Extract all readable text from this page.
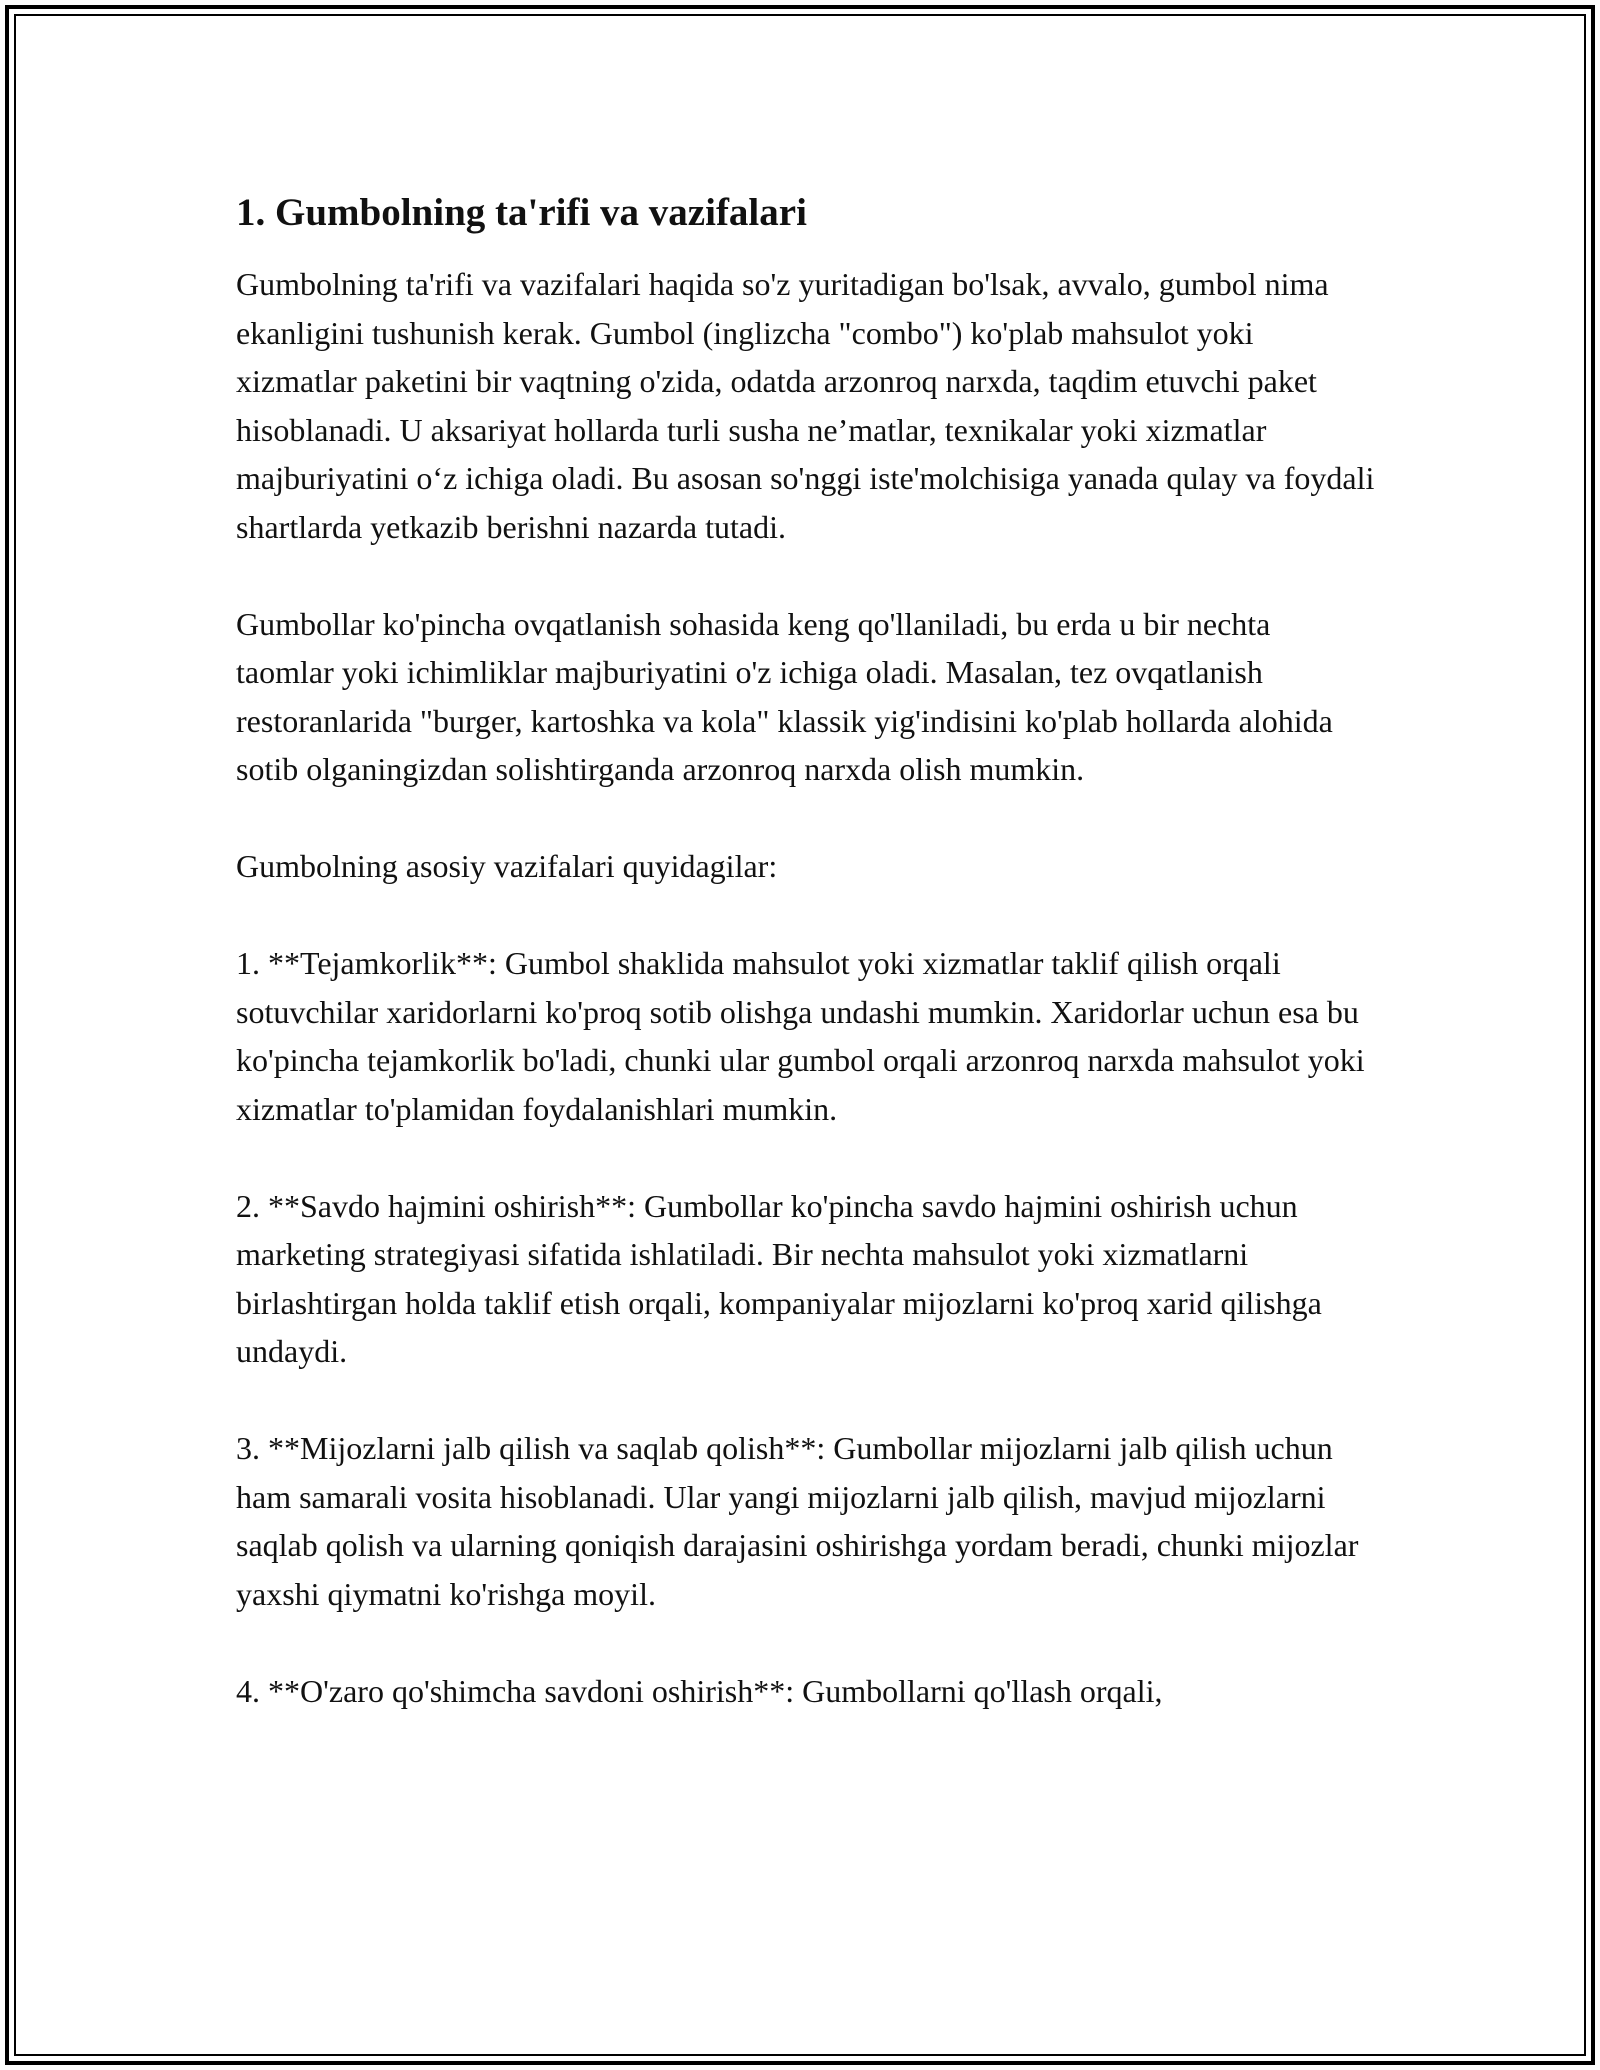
1. Gumbolning ta'rifi va vazifalari

Gumbolning ta'rifi va vazifalari haqida so'z yuritadigan bo'lsak, avvalo, gumbol nima ekanligini tushunish kerak. Gumbol (inglizcha "combo") ko'plab mahsulot yoki xizmatlar paketini bir vaqtning o'zida, odatda arzonroq narxda, taqdim etuvchi paket hisoblanadi. U aksariyat hollarda turli susha ne’matlar, texnikalar yoki xizmatlar majburiyatini o‘z ichiga oladi. Bu asosan so'nggi iste'molchisiga yanada qulay va foydali shartlarda yetkazib berishni nazarda tutadi.

Gumbollar ko'pincha ovqatlanish sohasida keng qo'llaniladi, bu erda u bir nechta taomlar yoki ichimliklar majburiyatini o'z ichiga oladi. Masalan, tez ovqatlanish restoranlarida "burger, kartoshka va kola" klassik yig'indisini ko'plab hollarda alohida sotib olganingizdan solishtirganda arzonroq narxda olish mumkin.

Gumbolning asosiy vazifalari quyidagilar:

1. **Tejamkorlik**: Gumbol shaklida mahsulot yoki xizmatlar taklif qilish orqali sotuvchilar xaridorlarni ko'proq sotib olishga undashi mumkin. Xaridorlar uchun esa bu ko'pincha tejamkorlik bo'ladi, chunki ular gumbol orqali arzonroq narxda mahsulot yoki xizmatlar to'plamidan foydalanishlari mumkin.

2. **Savdo hajmini oshirish**: Gumbollar ko'pincha savdo hajmini oshirish uchun marketing strategiyasi sifatida ishlatiladi. Bir nechta mahsulot yoki xizmatlarni birlashtirgan holda taklif etish orqali, kompaniyalar mijozlarni ko'proq xarid qilishga undaydi.

3. **Mijozlarni jalb qilish va saqlab qolish**: Gumbollar mijozlarni jalb qilish uchun ham samarali vosita hisoblanadi. Ular yangi mijozlarni jalb qilish, mavjud mijozlarni saqlab qolish va ularning qoniqish darajasini oshirishga yordam beradi, chunki mijozlar yaxshi qiymatni ko'rishga moyil.

4. **O'zaro qo'shimcha savdoni oshirish**: Gumbollarni qo'llash orqali,
